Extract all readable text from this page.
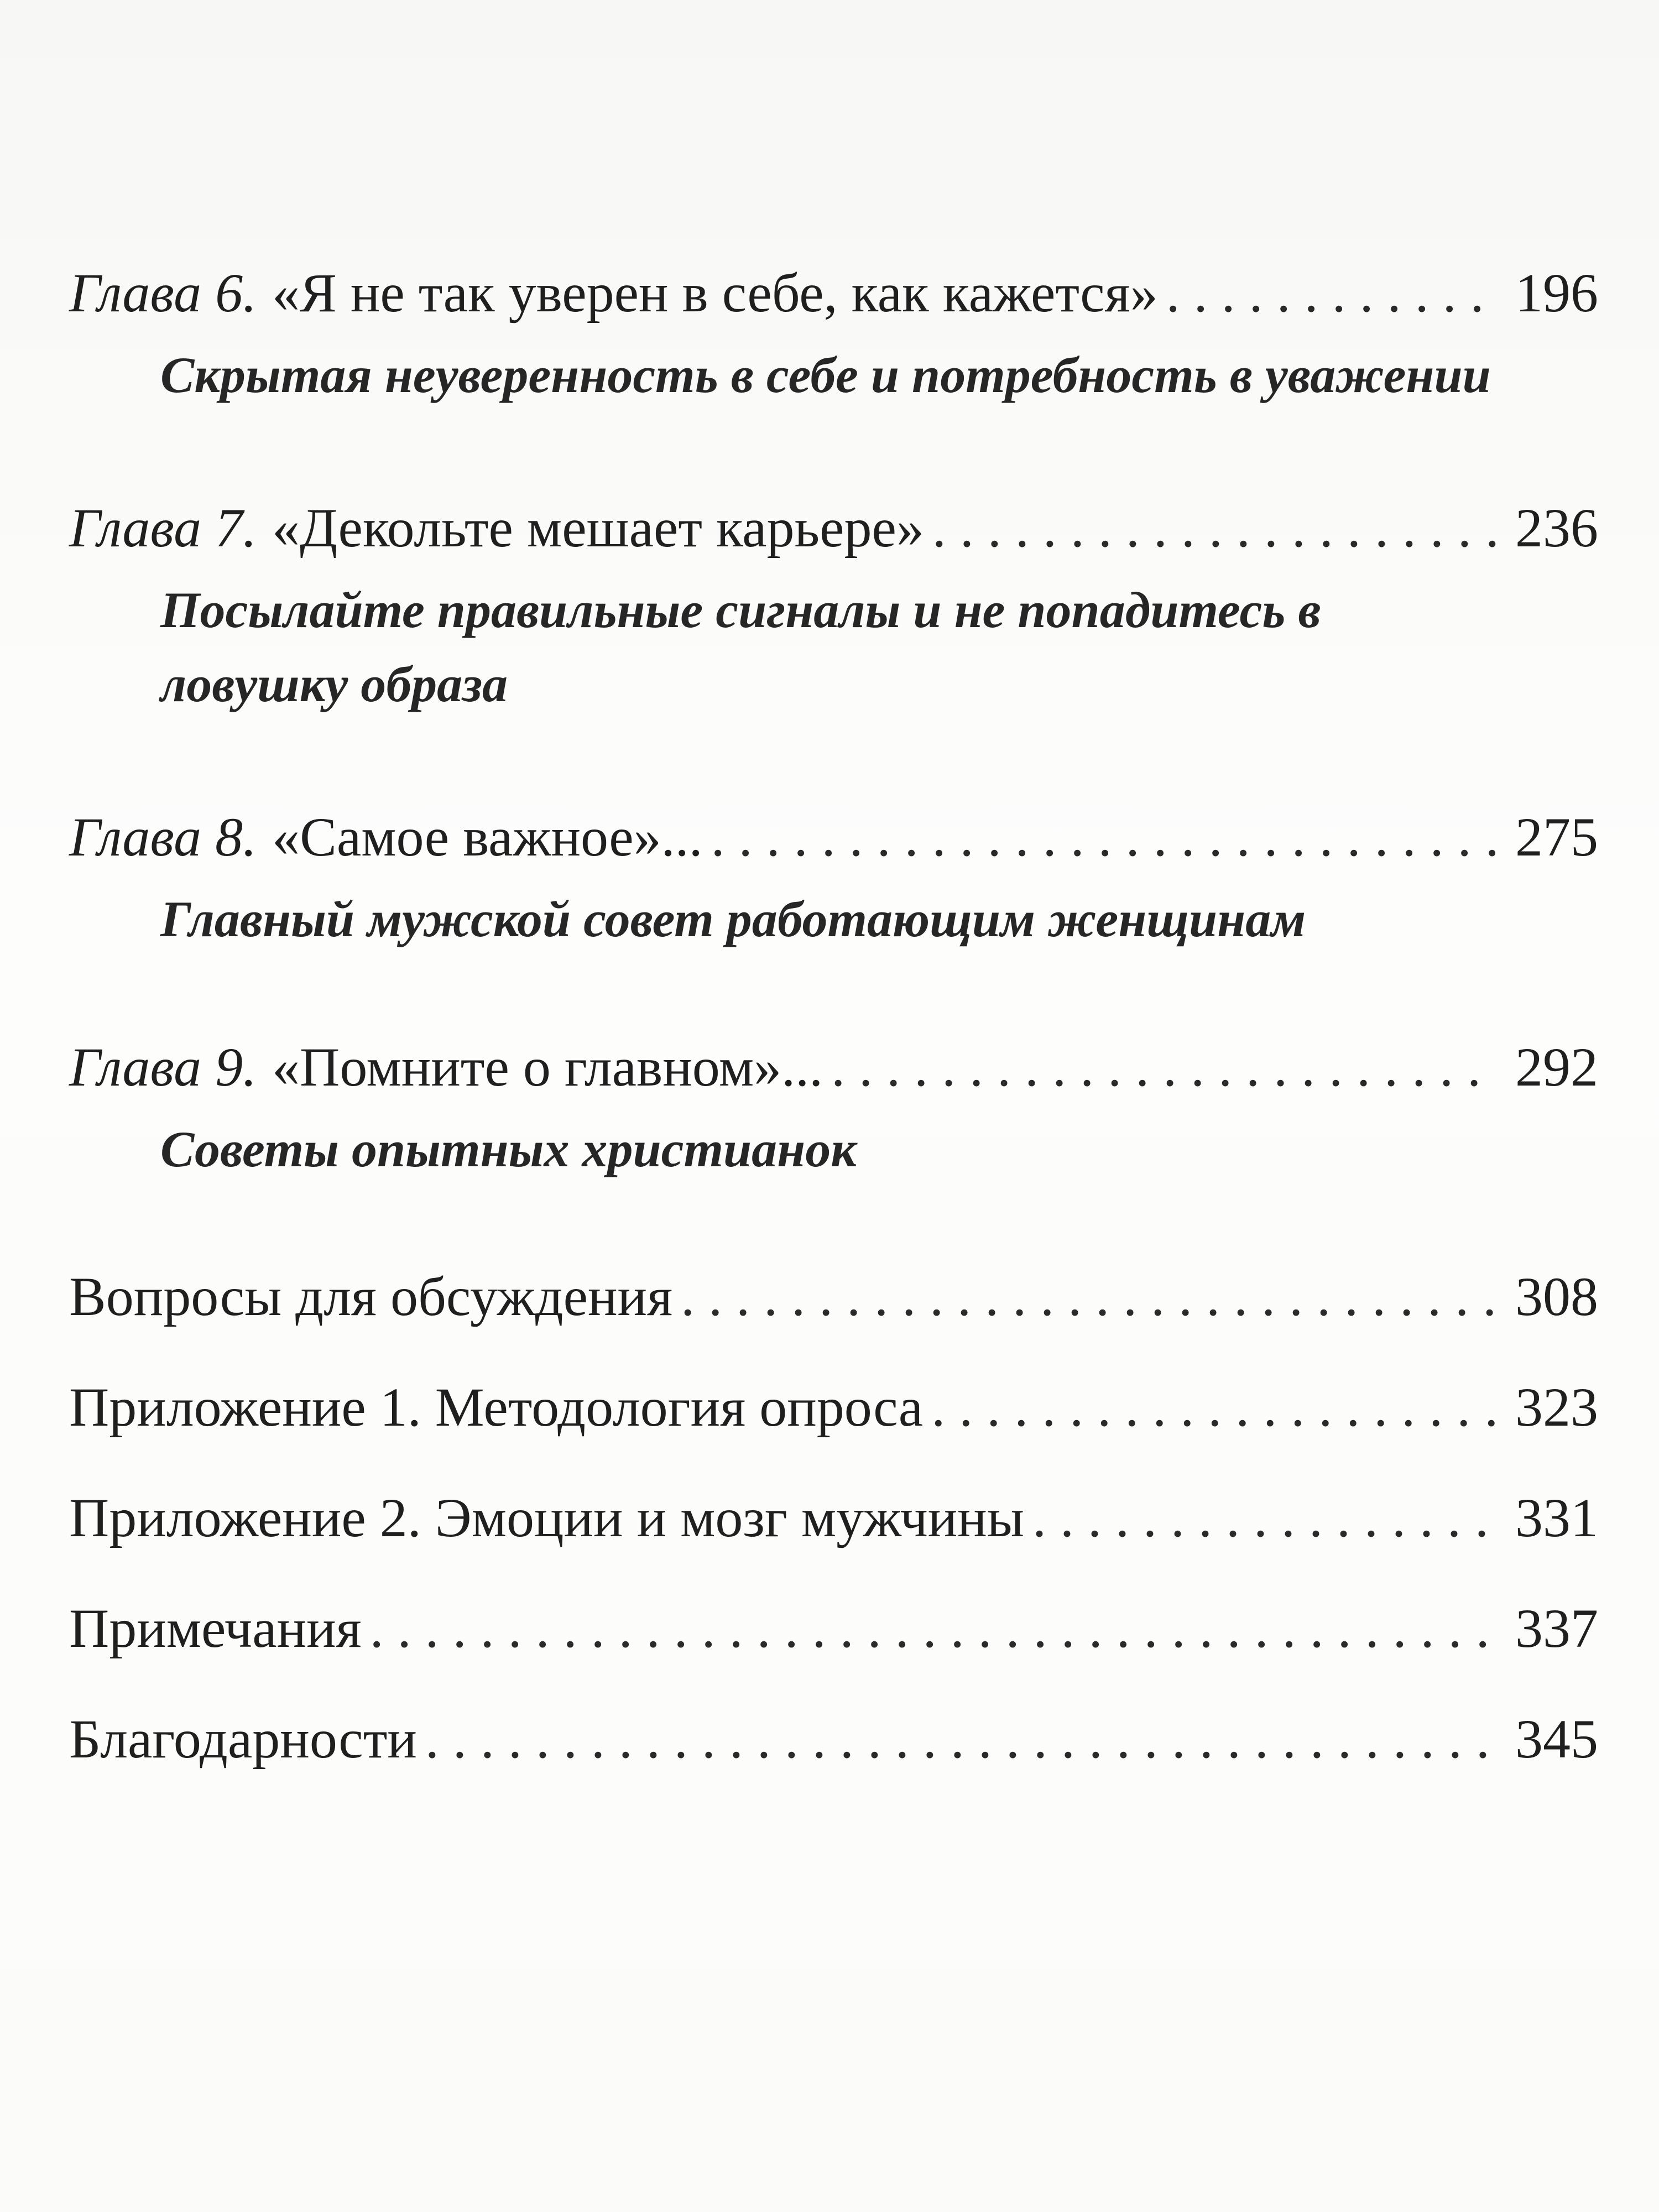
Глава 6. «Я не так уверен в себе, как кажется» . . .	196
Скрытая неуверенность в себе и потребность в уважении
Глава 7. «Декольте мешает карьере» . . .	236
Посылайте правильные сигналы и не попадитесь в ловушку образа
Глава 8. «Самое важное»... . . .	275
Главный мужской совет работающим женщинам
Глава 9. «Помните о главном»... . . .	292
Советы опытных христианок
Вопросы для обсуждения . . .	308
Приложение 1. Методология опроса . . .	323
Приложение 2. Эмоции и мозг мужчины . . .	331
Примечания . . .	337
Благодарности . . .	345
